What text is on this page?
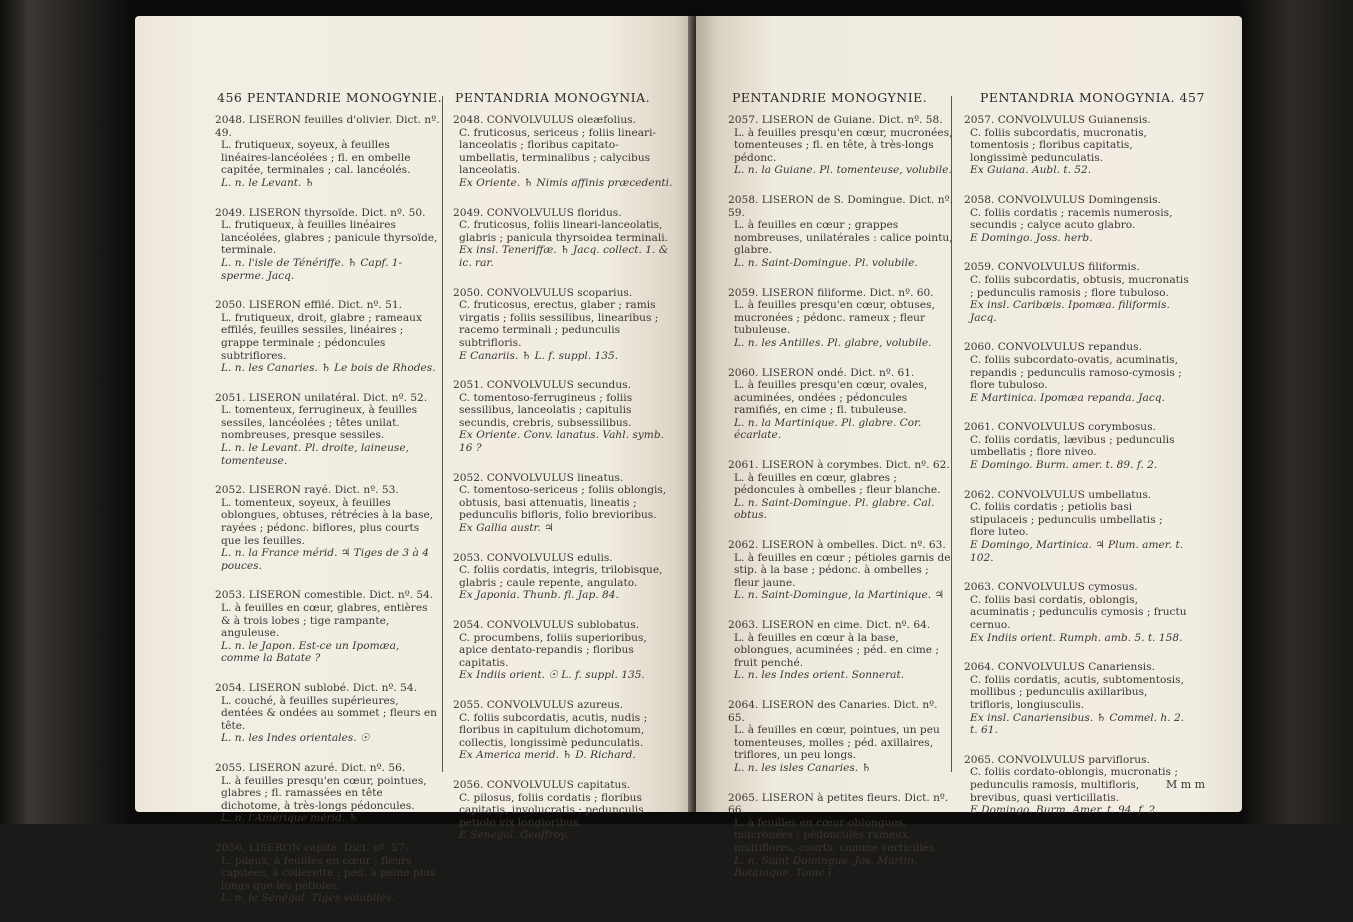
456 PENTANDRIE MONOGYNIE. PENTANDRIA MONOGYNIA.

2048. LISERON feuilles d'olivier. Dict. nº. 49.

L. frutiqueux, soyeux, à feuilles linéaires-lancéolées ; fl. en ombelle capitée, terminales ; cal. lancéolés.

L. n. le Levant. ♄

2049. LISERON thyrsoïde. Dict. nº. 50.

L. frutiqueux, à feuilles linéaires lancéolées, glabres ; panicule thyrsoïde, terminale.

L. n. l'isle de Ténériffe. ♄ Capf. 1-sperme. Jacq.

2050. LISERON effilé. Dict. nº. 51.

L. frutiqueux, droit, glabre ; rameaux effilés, feuilles sessiles, linéaires ; grappe terminale ; pédoncules subtriflores.

L. n. les Canaries. ♄ Le bois de Rhodes.

2051. LISERON unilatéral. Dict. nº. 52.

L. tomenteux, ferrugineux, à feuilles sessiles, lancéolées ; têtes unilat. nombreuses, presque sessiles.

L. n. le Levant. Pl. droite, laineuse, tomenteuse.

2052. LISERON rayé. Dict. nº. 53.

L. tomenteux, soyeux, à feuilles oblongues, obtuses, rétrécies à la base, rayées ; pédonc. biflores, plus courts que les feuilles.

L. n. la France mérid. ♃ Tiges de 3 à 4 pouces.

2053. LISERON comestible. Dict. nº. 54.

L. à feuilles en cœur, glabres, entières & à trois lobes ; tige rampante, anguleuse.

L. n. le Japon. Est-ce un Ipomæa, comme la Batate ?

2054. LISERON sublobé. Dict. nº. 54.

L. couché, à feuilles supérieures, dentées & ondées au sommet ; fleurs en tête.

L. n. les Indes orientales. ☉

2055. LISERON azuré. Dict. nº. 56.

L. à feuilles presqu'en cœur, pointues, glabres ; fl. ramassées en tête dichotome, à très-longs pédoncules.

L. n. l'Amérique mérid. ♄

2056. LISERON capité. Dict. nº. 57.

L. pileux, à feuilles en cœur ; fleurs capitées, à collerette ; péd. à peine plus longs que les pétioles.

L. n. le Sénégal. Tiges volubiles.

2048. CONVOLVULUS oleæfolius.

C. fruticosus, sericeus ; foliis lineari-lanceolatis ; floribus capitato-umbellatis, terminalibus ; calycibus lanceolatis.

Ex Oriente. ♄ Nimis affinis præcedenti.

2049. CONVOLVULUS floridus.

C. fruticosus, foliis lineari-lanceolatis, glabris ; panicula thyrsoidea terminali.

Ex insl. Teneriffæ. ♄ Jacq. collect. 1. & ic. rar.

2050. CONVOLVULUS scoparius.

C. fruticosus, erectus, glaber ; ramis virgatis ; foliis sessilibus, linearibus ; racemo terminali ; pedunculis subtrifloris.

E Canariis. ♄ L. f. suppl. 135.

2051. CONVOLVULUS secundus.

C. tomentoso-ferrugineus ; foliis sessilibus, lanceolatis ; capitulis secundis, crebris, subsessilibus.

Ex Oriente. Conv. lanatus. Vahl. symb. 16 ?

2052. CONVOLVULUS lineatus.

C. tomentoso-sericeus ; foliis oblongis, obtusis, basi attenuatis, lineatis ; pedunculis bifloris, folio brevioribus.

Ex Gallia austr. ♃

2053. CONVOLVULUS edulis.

C. foliis cordatis, integris, trilobisque, glabris ; caule repente, angulato.

Ex Japonia. Thunb. fl. Jap. 84.

2054. CONVOLVULUS sublobatus.

C. procumbens, foliis superioribus, apice dentato-repandis ; floribus capitatis.

Ex Indiis orient. ☉ L. f. suppl. 135.

2055. CONVOLVULUS azureus.

C. foliis subcordatis, acutis, nudis ; floribus in capitulum dichotomum, collectis, longissimè pedunculatis.

Ex America merid. ♄ D. Richard.

2056. CONVOLVULUS capitatus.

C. pilosus, foliis cordatis ; floribus capitatis, involucratis ; pedunculis petiolo vix longioribus.

E Senegal. Geoffroy.

PENTANDRIE MONOGYNIE.	PENTANDRIA MONOGYNIA. 457

2057. LISERON de Guiane. Dict. nº. 58.

L. à feuilles presqu'en cœur, mucronées, tomenteuses ; fl. en tête, à très-longs pédonc.

L. n. la Guiane. Pl. tomenteuse, volubile.

2058. LISERON de S. Domingue. Dict. nº. 59.

L. à feuilles en cœur ; grappes nombreuses, unilatérales : calice pointu, glabre.

L. n. Saint-Domingue. Pl. volubile.

2059. LISERON filiforme. Dict. nº. 60.

L. à feuilles presqu'en cœur, obtuses, mucronées ; pédonc. rameux ; fleur tubuleuse.

L. n. les Antilles. Pl. glabre, volubile.

2060. LISERON ondé. Dict. nº. 61.

L. à feuilles presqu'en cœur, ovales, acuminées, ondées ; pédoncules ramifiés, en cime ; fl. tubuleuse.

L. n. la Martinique. Pl. glabre. Cor. écarlate.

2061. LISERON à corymbes. Dict. nº. 62.

L. à feuilles en cœur, glabres ; pédoncules à ombelles ; fleur blanche.

L. n. Saint-Domingue. Pl. glabre. Cal. obtus.

2062. LISERON à ombelles. Dict. nº. 63.

L. à feuilles en cœur ; pétioles garnis de stip. à la base ; pédonc. à ombelles ; fleur jaune.

L. n. Saint-Domingue, la Martinique. ♃

2063. LISERON en cime. Dict. nº. 64.

L. à feuilles en cœur à la base, oblongues, acuminées ; péd. en cime ; fruit penché.

L. n. les Indes orient. Sonnerat.

2064. LISERON des Canaries. Dict. nº. 65.

L. à feuilles en cœur, pointues, un peu tomenteuses, molles ; péd. axillaires, triflores, un peu longs.

L. n. les isles Canaries. ♄

2065. LISERON à petites fleurs. Dict. nº. 66.

L. à feuilles en cœur-oblongues, mucronées ; pédoncules rameux, multiflores, courts, comme verticillés.

L. n. Saint Domingue. Jos. Martin. Botanique, Tome I.

2057. CONVOLVULUS Guianensis.

C. foliis subcordatis, mucronatis, tomentosis ; floribus capitatis, longissimè pedunculatis.

Ex Guiana. Aubl. t. 52.

2058. CONVOLVULUS Domingensis.

C. foliis cordatis ; racemis numerosis, secundis ; calyce acuto glabro.

E Domingo. Joss. herb.

2059. CONVOLVULUS filiformis.

C. foliis subcordatis, obtusis, mucronatis ; pedunculis ramosis ; flore tubuloso.

Ex insl. Caribæis. Ipomæa. filiformis. Jacq.

2060. CONVOLVULUS repandus.

C. foliis subcordato-ovatis, acuminatis, repandis ; pedunculis ramoso-cymosis ; flore tubuloso.

E Martinica. Ipomæa repanda. Jacq.

2061. CONVOLVULUS corymbosus.

C. foliis cordatis, lævibus ; pedunculis umbellatis ; flore niveo.

E Domingo. Burm. amer. t. 89. f. 2.

2062. CONVOLVULUS umbellatus.

C. foliis cordatis ; petiolis basi stipulaceis ; pedunculis umbellatis ; flore luteo.

E Domingo, Martinica. ♃ Plum. amer. t. 102.

2063. CONVOLVULUS cymosus.

C. foliis basi cordatis, oblongis, acuminatis ; pedunculis cymosis ; fructu cernuo.

Ex Indiis orient. Rumph. amb. 5. t. 158.

2064. CONVOLVULUS Canariensis.

C. foliis cordatis, acutis, subtomentosis, mollibus ; pedunculis axillaribus, trifloris, longiusculis.

Ex insl. Canariensibus. ♄ Commel. h. 2. t. 61.

2065. CONVOLVULUS parviflorus.

C. foliis cordato-oblongis, mucronatis ; pedunculis ramosis, multifloris, brevibus, quasi verticillatis.

E Domingo. Burm. Amer. t. 94. f. 2.

M m m
